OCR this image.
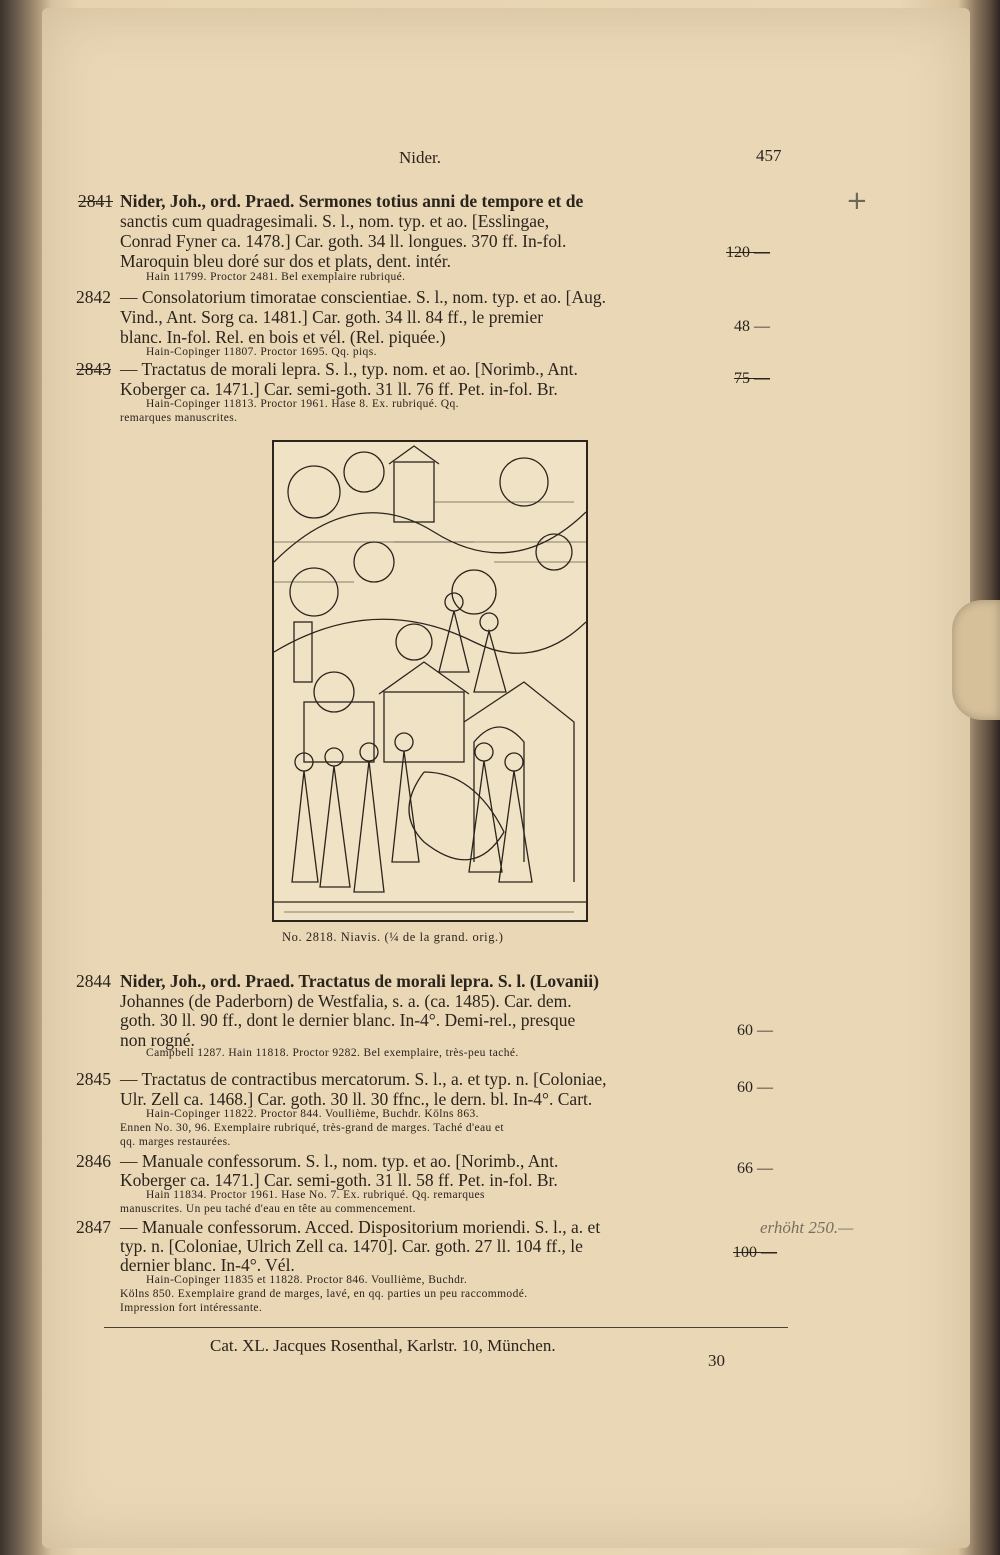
Nider.	457
+
2841 Nider, Joh., ord. Praed. Sermones totius anni de tempore et de
sanctis cum quadragesimali. S. l., nom. typ. et ao. [Esslingae,
Conrad Fyner ca. 1478.] Car. goth. 34 ll. longues. 370 ff. In-fol.
Maroquin bleu doré sur dos et plats, dent. intér.
Hain 11799. Proctor 2481. Bel exemplaire rubriqué.
120 —
2842 — Consolatorium timoratae conscientiae. S. l., nom. typ. et ao. [Aug.
Vind., Ant. Sorg ca. 1481.] Car. goth. 34 ll. 84 ff., le premier
blanc. In-fol. Rel. en bois et vél. (Rel. piquée.)
Hain-Copinger 11807. Proctor 1695. Qq. piqs.
48 —
2843 — Tractatus de morali lepra. S. l., typ. nom. et ao. [Norimb., Ant.
Koberger ca. 1471.] Car. semi-goth. 31 ll. 76 ff. Pet. in-fol. Br.
Hain-Copinger 11813. Proctor 1961. Hase 8. Ex. rubriqué. Qq.
remarques manuscrites.
75 —
No. 2818. Niavis. (¼ de la grand. orig.)
2844 Nider, Joh., ord. Praed. Tractatus de morali lepra. S. l. (Lovanii)
Johannes (de Paderborn) de Westfalia, s. a. (ca. 1485). Car. dem.
goth. 30 ll. 90 ff., dont le dernier blanc. In-4°. Demi-rel., presque
non rogné.
Campbell 1287. Hain 11818. Proctor 9282. Bel exemplaire, très-peu taché.
60 —
2845 — Tractatus de contractibus mercatorum. S. l., a. et typ. n. [Coloniae,
Ulr. Zell ca. 1468.] Car. goth. 30 ll. 30 ffnc., le dern. bl. In-4°. Cart.
Hain-Copinger 11822. Proctor 844. Voullième, Buchdr. Kölns 863.
Ennen No. 30, 96. Exemplaire rubriqué, très-grand de marges. Taché d'eau et
qq. marges restaurées.
60 —
2846 — Manuale confessorum. S. l., nom. typ. et ao. [Norimb., Ant.
Koberger ca. 1471.] Car. semi-goth. 31 ll. 58 ff. Pet. in-fol. Br.
Hain 11834. Proctor 1961. Hase No. 7. Ex. rubriqué. Qq. remarques
manuscrites. Un peu taché d'eau en tête au commencement.
66 —
2847 — Manuale confessorum. Acced. Dispositorium moriendi. S. l., a. et
typ. n. [Coloniae, Ulrich Zell ca. 1470]. Car. goth. 27 ll. 104 ff., le
dernier blanc. In-4°. Vél.
Hain-Copinger 11835 et 11828. Proctor 846. Voullième, Buchdr.
Kölns 850. Exemplaire grand de marges, lavé, en qq. parties un peu raccommodé.
Impression fort intéressante.
erhöht 250.—
100 —
Cat. XL. Jacques Rosenthal, Karlstr. 10, München.
30
